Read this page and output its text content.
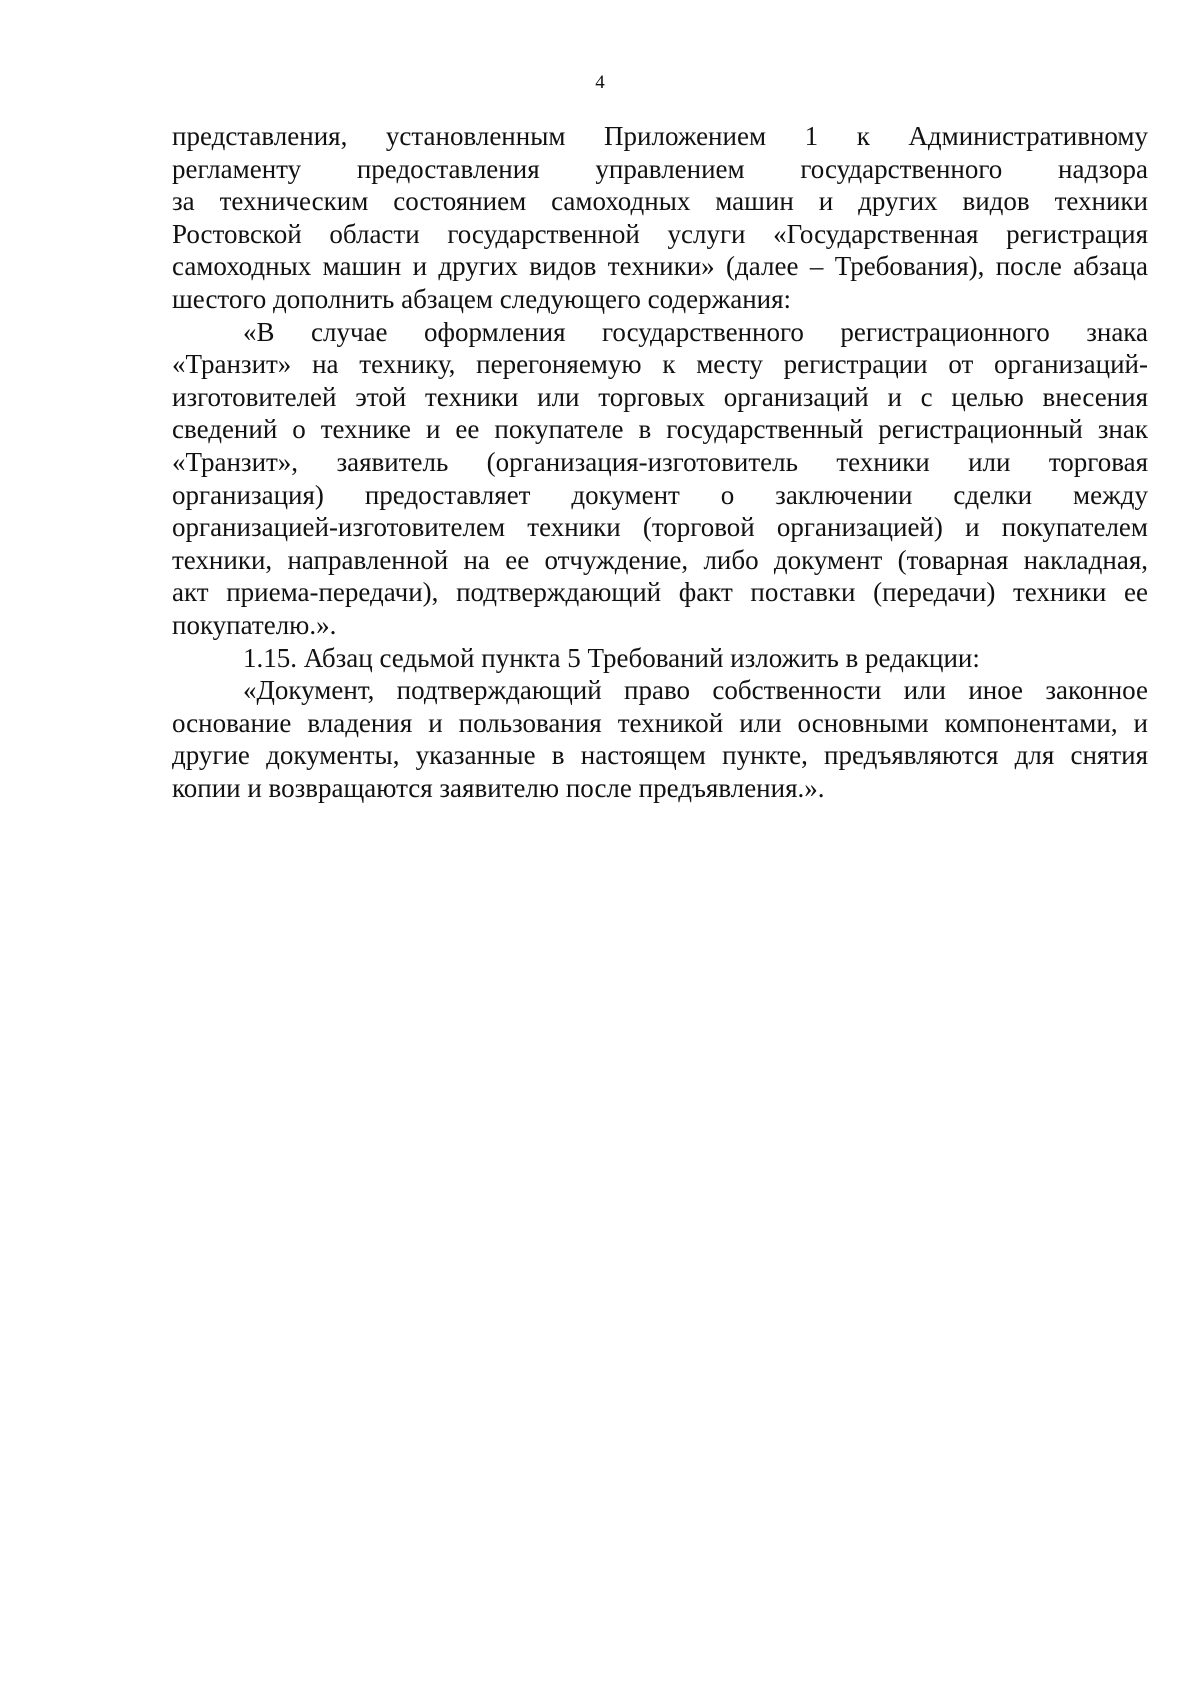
4

представления, установленным Приложением 1 к Административному
регламенту предоставления управлением государственного надзора
за техническим состоянием самоходных машин и других видов техники
Ростовской области государственной услуги «Государственная регистрация
самоходных машин и других видов техники» (далее – Требования), после абзаца
шестого дополнить абзацем следующего содержания:

«В случае оформления государственного регистрационного знака
«Транзит» на технику, перегоняемую к месту регистрации от организаций-
изготовителей этой техники или торговых организаций и с целью внесения
сведений о технике и ее покупателе в государственный регистрационный знак
«Транзит», заявитель (организация-изготовитель техники или торговая
организация) предоставляет документ о заключении сделки между
организацией-изготовителем техники (торговой организацией) и покупателем
техники, направленной на ее отчуждение, либо документ (товарная накладная,
акт приема-передачи), подтверждающий факт поставки (передачи) техники ее
покупателю.».

1.15. Абзац седьмой пункта 5 Требований изложить в редакции:

«Документ, подтверждающий право собственности или иное законное
основание владения и пользования техникой или основными компонентами, и
другие документы, указанные в настоящем пункте, предъявляются для снятия
копии и возвращаются заявителю после предъявления.».
